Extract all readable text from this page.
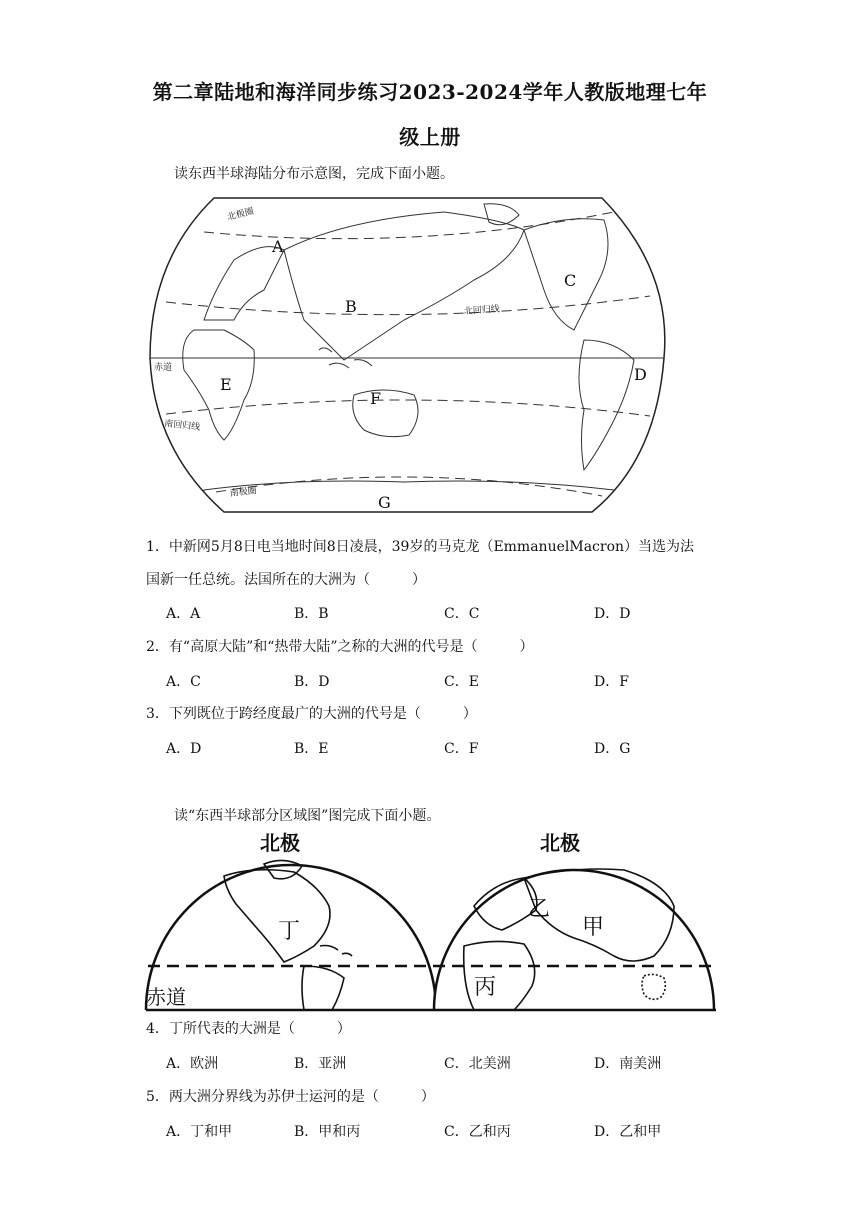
第二章陆地和海洋同步练习2023-2024学年人教版地理七年
级上册
读东西半球海陆分布示意图，完成下面小题。
北极圈
北回归线
赤道
南回归线
南极圈
A
B
C
D
E
F
G
1．中新网5月8日电当地时间8日凌晨，39岁的马克龙（EmmanuelMacron）当选为法
国新一任总统。法国所在的大洲为（　　　）
A．A	B．B	C．C	D．D
2．有“高原大陆”和“热带大陆”之称的大洲的代号是（　　　）
A．C	B．D	C．E	D．F
3．下列既位于跨经度最广的大洲的代号是（　　　）
A．D	B．E	C．F	D．G
读“东西半球部分区域图”图完成下面小题。
北极	北极
赤道
丁
乙
甲
丙
4．丁所代表的大洲是（　　　）
A．欧洲	B．亚洲	C．北美洲	D．南美洲
5．两大洲分界线为苏伊士运河的是（　　　）
A．丁和甲	B．甲和丙	C．乙和丙	D．乙和甲
